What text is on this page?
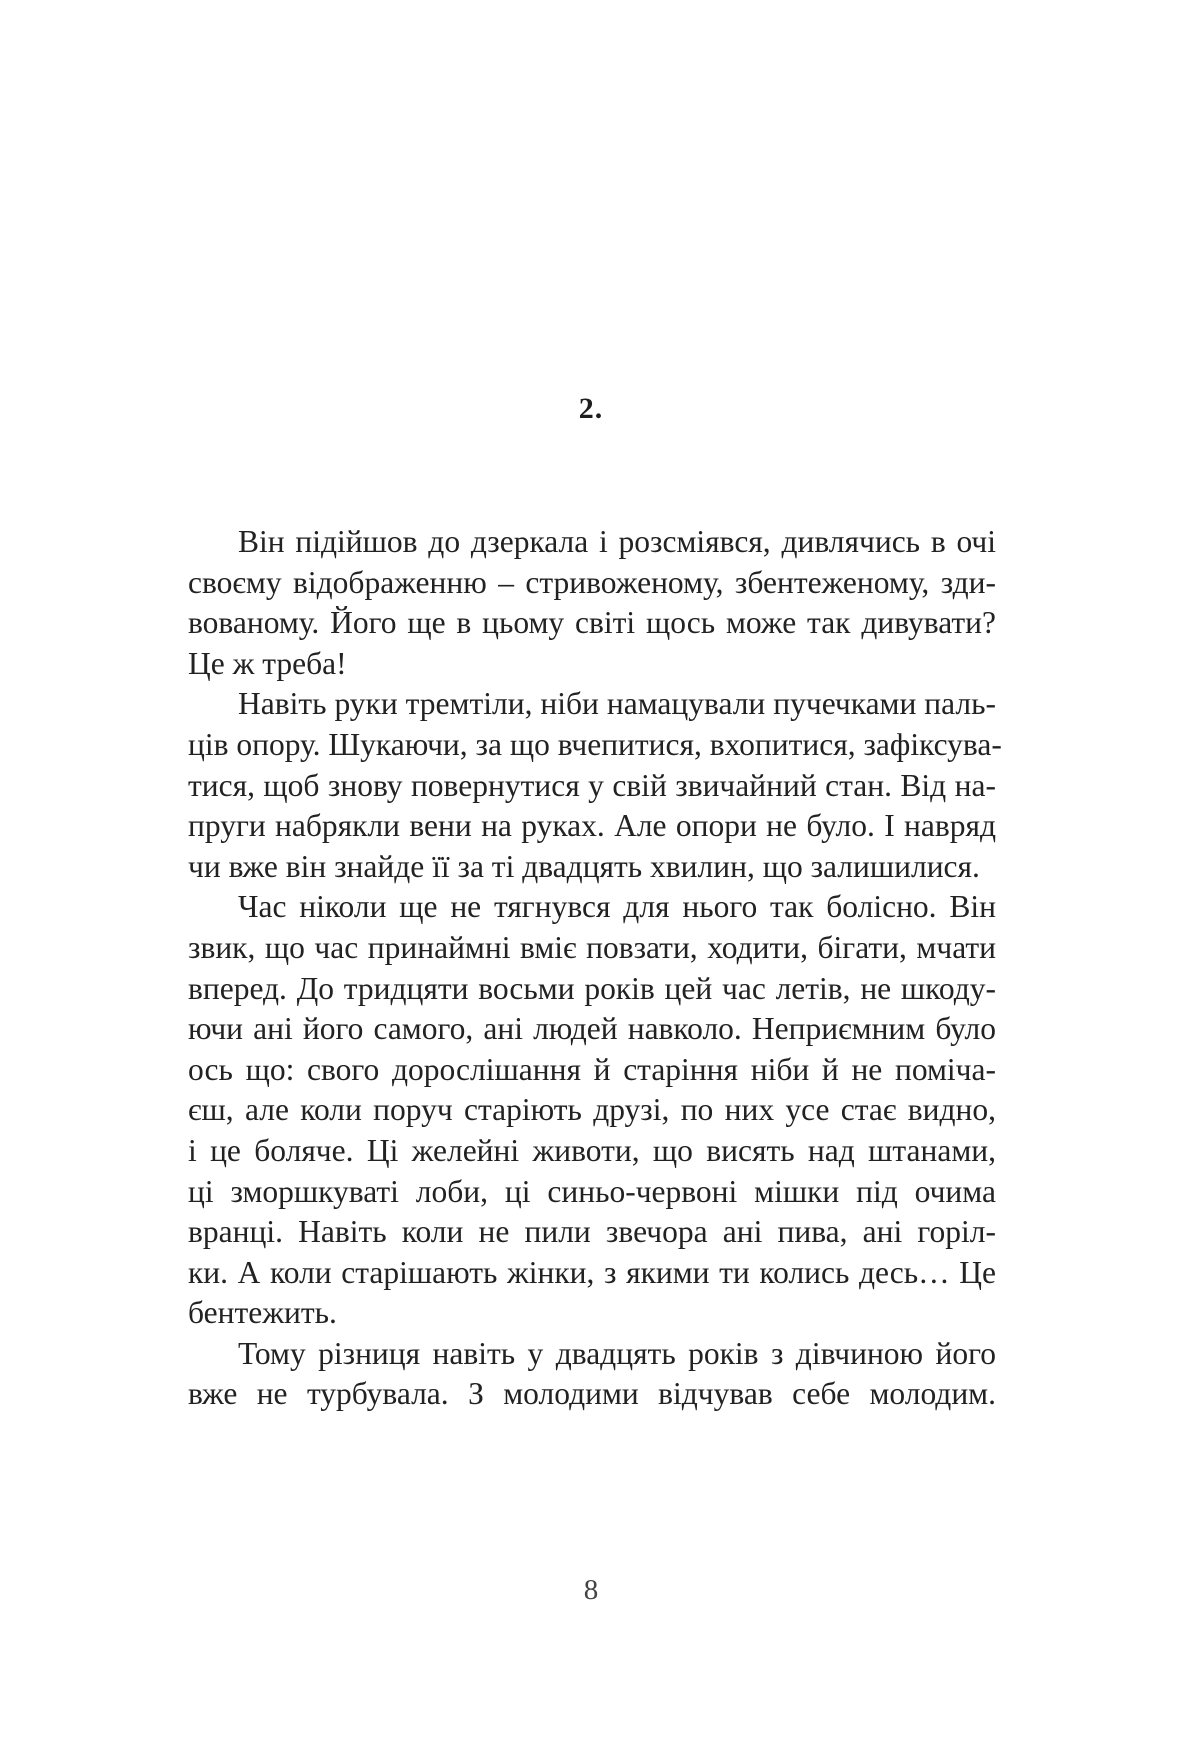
2.
Він підійшов до дзеркала і розсміявся, дивлячись в очі
своєму відображенню – стривоженому, збентеженому, зди-
вованому. Його ще в цьому світі щось може так дивувати?
Це ж треба!
Навіть руки тремтіли, ніби намацували пучечками паль-
ців опору. Шукаючи, за що вчепитися, вхопитися, зафіксува-
тися, щоб знову повернутися у свій звичайний стан. Від на-
пруги набрякли вени на руках. Але опори не було. І навряд
чи вже він знайде її за ті двадцять хвилин, що залишилися.
Час ніколи ще не тягнувся для нього так болісно. Він
звик, що час принаймні вміє повзати, ходити, бігати, мчати
вперед. До тридцяти восьми років цей час летів, не шкоду-
ючи ані його самого, ані людей навколо. Неприємним було
ось що: свого дорослішання й старіння ніби й не поміча-
єш, але коли поруч старіють друзі, по них усе стає видно,
і це боляче. Ці желейні животи, що висять над штанами,
ці зморшкуваті лоби, ці синьо-червоні мішки під очима
вранці. Навіть коли не пили звечора ані пива, ані горіл-
ки. А коли старішають жінки, з якими ти колись десь… Це
бентежить.
Тому різниця навіть у двадцять років з дівчиною його
вже не турбувала. З молодими відчував себе молодим.
8
